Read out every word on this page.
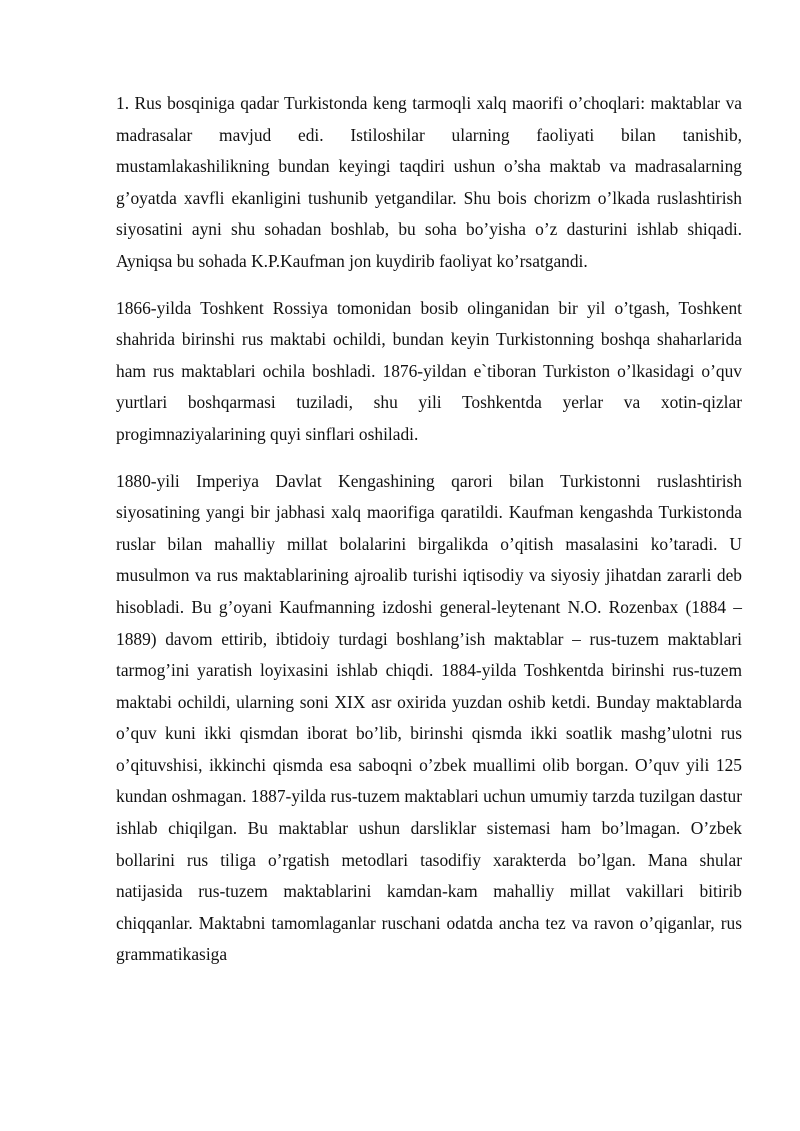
1. Rus bosqiniga qadar Turkistonda keng tarmoqli xalq maorifi o’choqlari: maktablar va madrasalar mavjud edi. Istiloshilar ularning faoliyati bilan tanishib, mustamlakashilikning bundan keyingi taqdiri ushun o’sha maktab va madrasalarning g’oyatda xavfli ekanligini tushunib yetgandilar. Shu bois chorizm o’lkada ruslashtirish siyosatini ayni shu sohadan boshlab, bu soha bo’yisha o’z dasturini ishlab shiqadi. Ayniqsa bu sohada K.P.Kaufman jon kuydirib faoliyat ko’rsatgandi.

1866-yilda Toshkent Rossiya tomonidan bosib olinganidan bir yil o’tgash, Toshkent shahrida birinshi rus maktabi ochildi, bundan keyin Turkistonning boshqa shaharlarida ham rus maktablari ochila boshladi. 1876-yildan e`tiboran Turkiston o’lkasidagi o’quv yurtlari boshqarmasi tuziladi, shu yili Toshkentda yerlar va xotin-qizlar progimnaziyalarining quyi sinflari oshiladi.

1880-yili Imperiya Davlat Kengashining qarori bilan Turkistonni ruslashtirish siyosatining yangi bir jabhasi xalq maorifiga qaratildi. Kaufman kengashda Turkistonda ruslar bilan mahalliy millat bolalarini birgalikda o’qitish masalasini ko’taradi. U musulmon va rus maktablarining ajroalib turishi iqtisodiy va siyosiy jihatdan zararli deb hisobladi. Bu g’oyani Kaufmanning izdoshi general-leytenant N.O. Rozenbax (1884 – 1889) davom ettirib, ibtidoiy turdagi boshlang’ish maktablar – rus-tuzem maktablari tarmog’ini yaratish loyixasini ishlab chiqdi. 1884-yilda Toshkentda birinshi rus-tuzem maktabi ochildi, ularning soni XIX asr oxirida yuzdan oshib ketdi. Bunday maktablarda o’quv kuni ikki qismdan iborat bo’lib, birinshi qismda ikki soatlik mashg’ulotni rus o’qituvshisi, ikkinchi qismda esa saboqni o’zbek muallimi olib borgan. O’quv yili 125 kundan oshmagan. 1887-yilda rus-tuzem maktablari uchun umumiy tarzda tuzilgan dastur ishlab chiqilgan. Bu maktablar ushun darsliklar sistemasi ham bo’lmagan. O’zbek bollarini rus tiliga o’rgatish metodlari tasodifiy xarakterda bo’lgan. Mana shular natijasida rus-tuzem maktablarini kamdan-kam mahalliy millat vakillari bitirib chiqqanlar. Maktabni tamomlaganlar ruschani odatda ancha tez va ravon o’qiganlar, rus grammatikasiga
